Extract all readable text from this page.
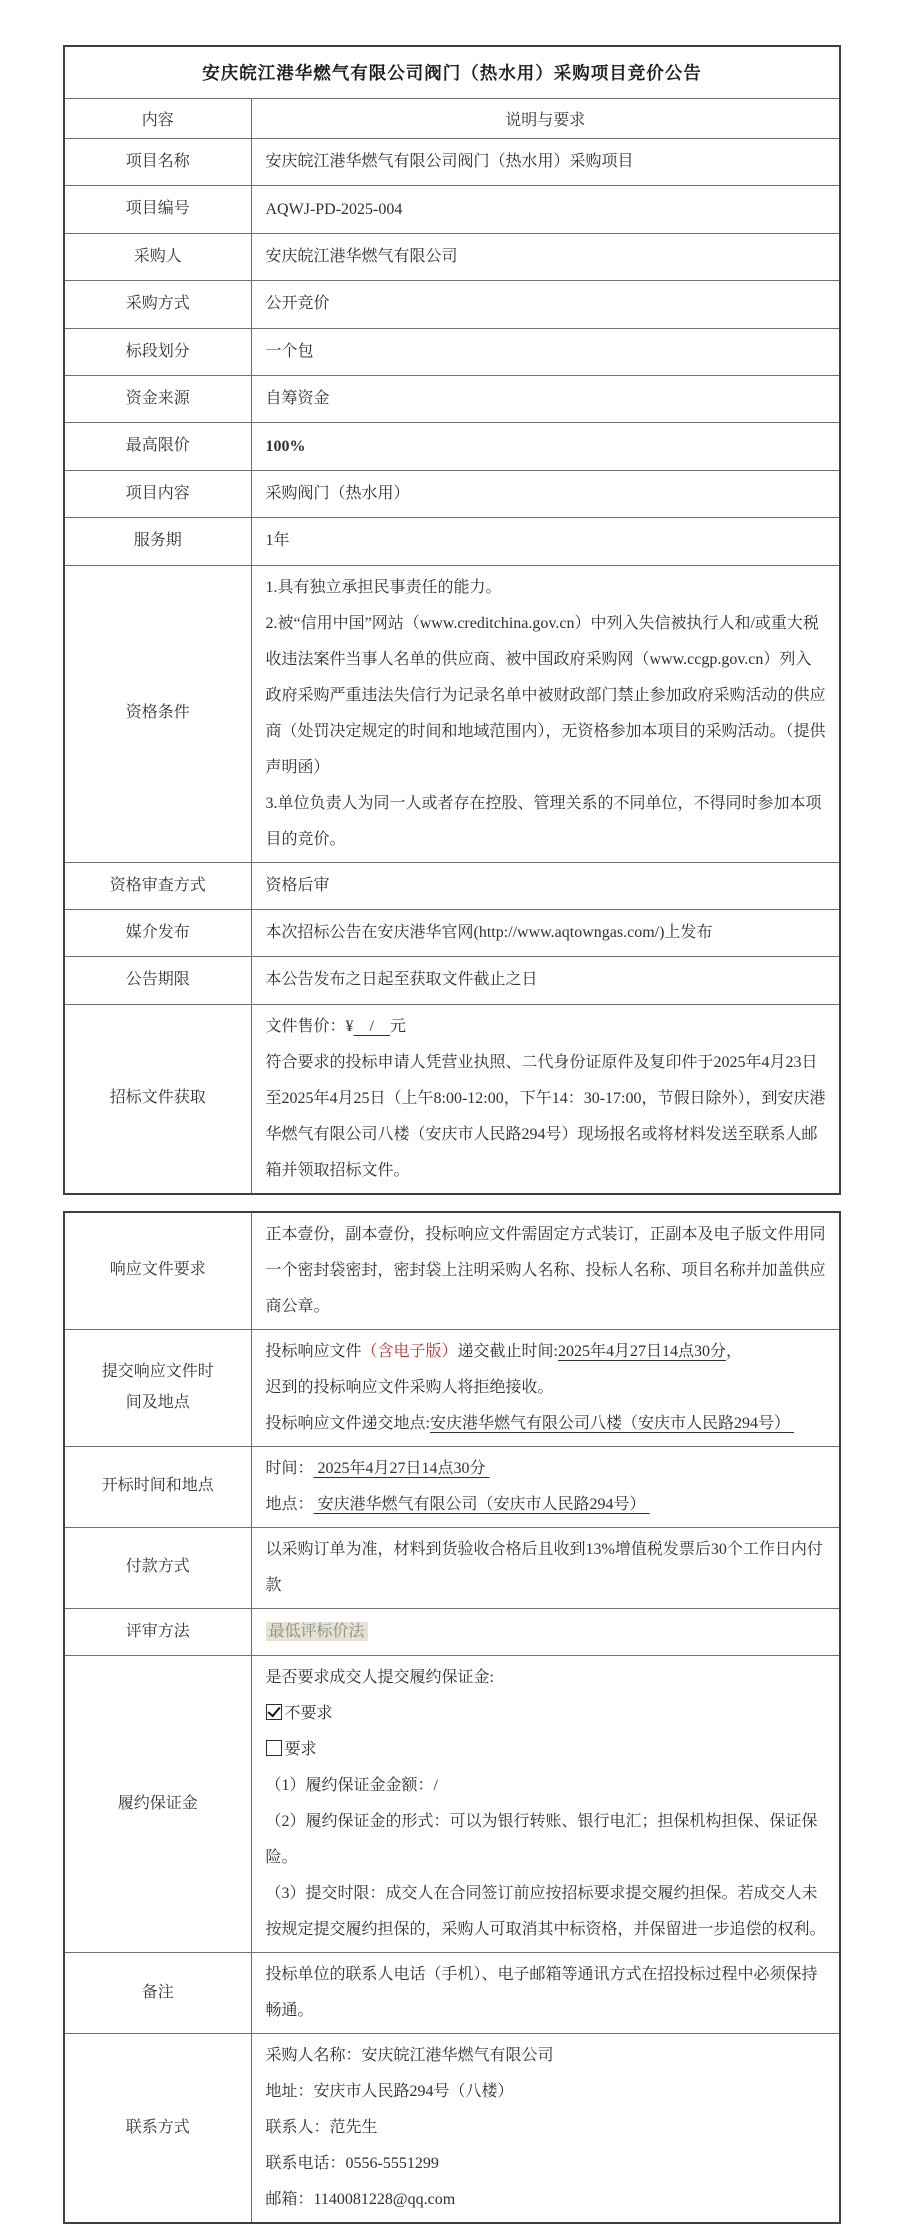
安庆皖江港华燃气有限公司阀门（热水用）采购项目竞价公告	
内容	说明与要求
项目名称	安庆皖江港华燃气有限公司阀门（热水用）采购项目

项目编号	AQWJ-PD-2025-004

采购人	安庆皖江港华燃气有限公司

采购方式	公开竞价

标段划分	一个包

资金来源	自筹资金

最高限价	100%

项目内容	采购阀门（热水用）

服务期	1年

资格条件	1.具有独立承担民事责任的能力。
2.被“信用中国”网站（www.creditchina.gov.cn）中列入失信被执行人和/或重大税收违法案件当事人名单的供应商、被中国政府采购网（www.ccgp.gov.cn）列入政府采购严重违法失信行为记录名单中被财政部门禁止参加政府采购活动的供应商（处罚决定规定的时间和地域范围内），无资格参加本项目的采购活动。（提供声明函）
3.单位负责人为同一人或者存在控股、管理关系的不同单位，不得同时参加本项目的竞价。

资格审查方式	资格后审

媒介发布	本次招标公告在安庆港华官网(http://www.aqtowngas.com/)上发布

公告期限	本公告发布之日起至获取文件截止之日

招标文件获取	文件售价：¥    /    元
符合要求的投标申请人凭营业执照、二代身份证原件及复印件于2025年4月23日至2025年4月25日（上午8:00-12:00，下午14：30-17:00，节假日除外），到安庆港华燃气有限公司八楼（安庆市人民路294号）现场报名或将材料发送至联系人邮箱并领取招标文件。
响应文件要求	正本壹份，副本壹份，投标响应文件需固定方式装订，正副本及电子版文件用同一个密封袋密封，密封袋上注明采购人名称、投标人名称、项目名称并加盖供应商公章。

提交响应文件时间及地点	投标响应文件（含电子版）递交截止时间:2025年4月27日14点30分，
迟到的投标响应文件采购人将拒绝接收。
投标响应文件递交地点:安庆港华燃气有限公司八楼（安庆市人民路294号）

开标时间和地点	时间： 2025年4月27日14点30分
地点： 安庆港华燃气有限公司（安庆市人民路294号）

付款方式	以采购订单为准，材料到货验收合格后且收到13%增值税发票后30个工作日内付款

评审方法	最低评标价法

履约保证金	
是否要求成交人提交履约保证金:
不要求
要求
（1）履约保证金金额：/
（2）履约保证金的形式：可以为银行转账、银行电汇；担保机构担保、保证保险。
（3）提交时限：成交人在合同签订前应按招标要求提交履约担保。若成交人未按规定提交履约担保的，采购人可取消其中标资格，并保留进一步追偿的权利。

备注	投标单位的联系人电话（手机）、电子邮箱等通讯方式在招投标过程中必须保持畅通。

联系方式	采购人名称：安庆皖江港华燃气有限公司
地址：安庆市人民路294号（八楼）
联系人：范先生
联系电话：0556-5551299
邮箱：1140081228@qq.com
